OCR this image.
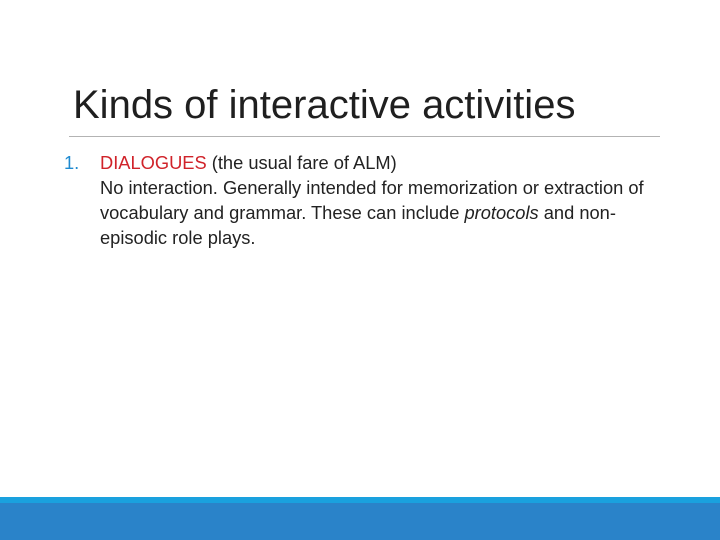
Kinds of interactive activities
1. DIALOGUES (the usual fare of ALM)
No interaction. Generally intended for memorization or extraction of vocabulary and grammar. These can include protocols and non-episodic role plays.
